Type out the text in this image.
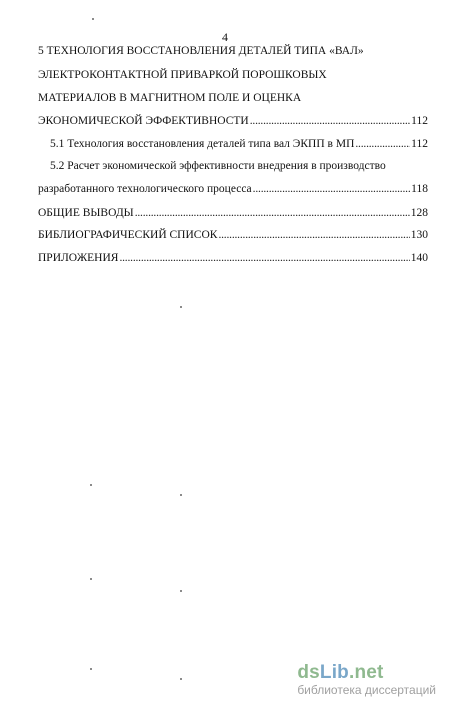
4
5 ТЕХНОЛОГИЯ ВОССТАНОВЛЕНИЯ ДЕТАЛЕЙ ТИПА «ВАЛ»
ЭЛЕКТРОКОНТАКТНОЙ ПРИВАРКОЙ ПОРОШКОВЫХ
МАТЕРИАЛОВ В МАГНИТНОМ ПОЛЕ И ОЦЕНКА
ЭКОНОМИЧЕСКОЙ ЭФФЕКТИВНОСТИ .....	112
5.1 Технология восстановления деталей типа вал ЭКПП в МП .....	112
5.2 Расчет экономической эффективности внедрения в производство
разработанного технологического процесса .....	118
ОБЩИЕ ВЫВОДЫ .....	128
БИБЛИОГРАФИЧЕСКИЙ СПИСОК .....	130
ПРИЛОЖЕНИЯ .....	140
dsLib.net
библиотека диссертаций
